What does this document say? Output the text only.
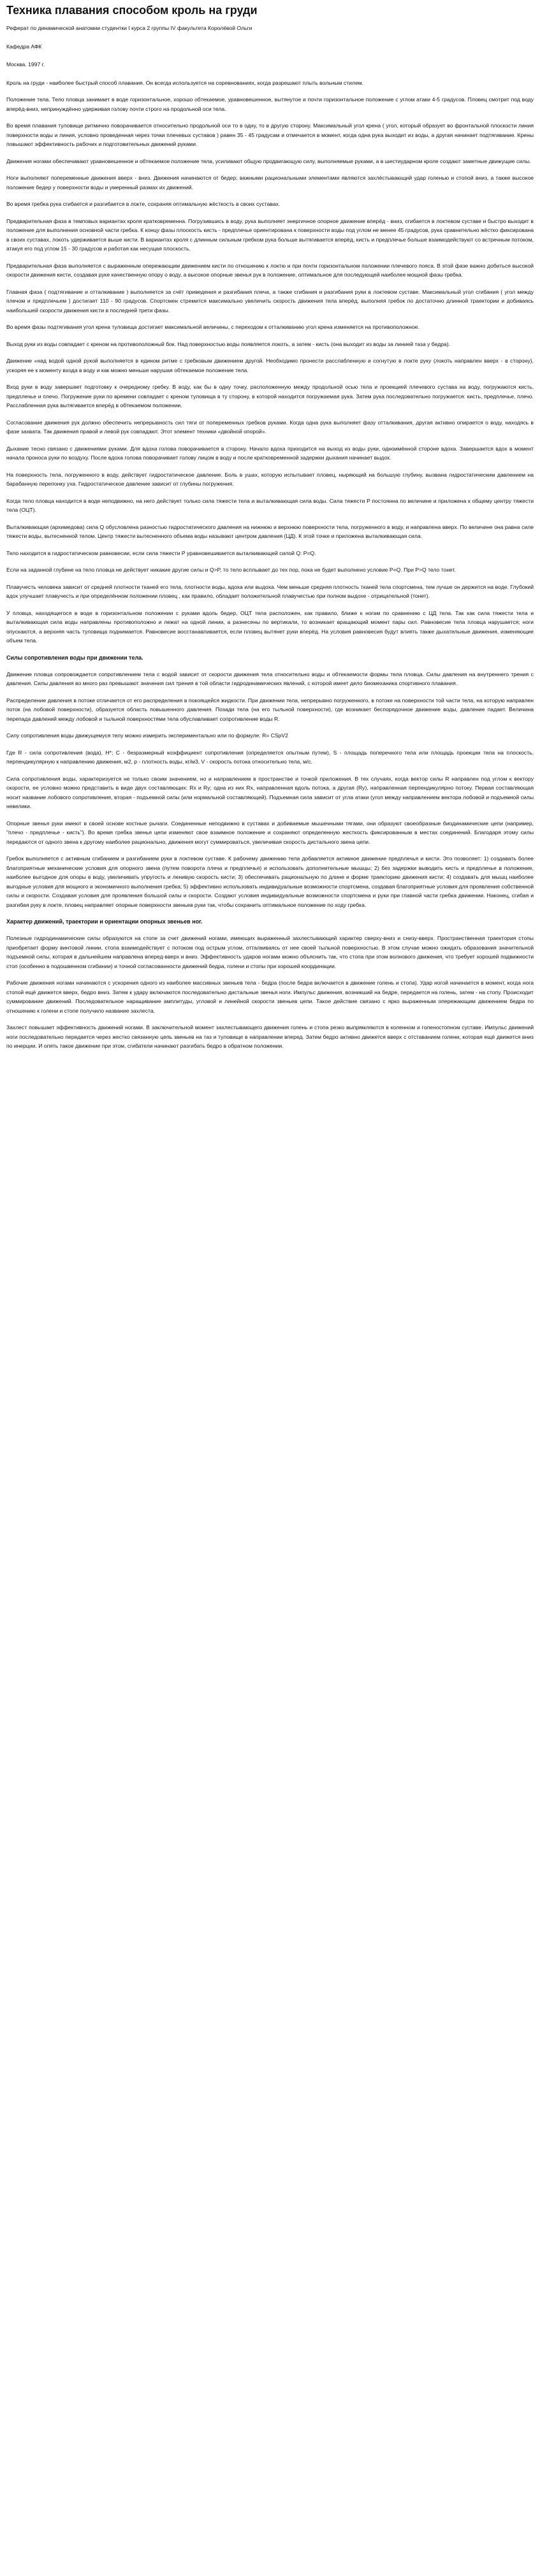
Техника плавания способом кроль на груди

Реферат по динамической анатомии студентки I курса 2 группы IV факультета Королёвой Ольги

Кафедра АФК

Москва. 1997 г.

Кроль на груди - наиболее быстрый способ плавания. Он всегда используется на соревнованиях, когда разрешают плыть вольным стилем.

Положение тела. Тело пловца занимает в воде горизонтальное, хорошо обтекаемое, уравновешенное, вытянутое и почти горизонтальное положение с углом атаки 4-5 градусов. Пловец смотрит под воду вперёд-вниз, непринуждённо удерживая голову почти строго на продольной оси тела.

Во время плавания туловище ритмично поворачивается относительно продольной оси то в одну, то в другую сторону. Максимальный угол крена ( угол, который образует во фронтальной плоскости линия поверхности воды и линия, условно проведенная через точки плечевых суставов ) равен 35 - 45 градусам и отмечается в момент, когда одна рука выходит из воды, а другая начинает подтягивание. Крены повышают эффективность рабочих и подготовительных движений руками.

Движения ногами обеспечивают уравновешенное и обтекаемое положение тела, усиливают общую продвигающую силу, выполняемые руками, а в шестиударном кроле создают заметные движущие силы.

Ноги выполняют попеременные движения вверх - вниз. Движения начинаются от бедер; важными рациональными элементами являются захлёстывающий удар голенью и стопой вниз, а также высокое положение бедер у поверхности воды и умеренный размах их движений.

Во время гребка рука сгибается и разгибается в локте, сохраняя оптимальную жёсткость в своих суставах.

Предварительная фаза в темповых вариантах кроля кратковременна. Погрузившись в воду, рука выполняет энергичное опорное движение вперёд - вниз, сгибается в локтевом суставе и быстро выходит в положение для выполнения основной части гребка. К концу фазы плоскость кисть - предплечье ориентирована к поверхности воды под углом не менее 45 градусов, рука сравнительно жёстко фиксирована в своих суставах, локоть удерживается выше кисти. В вариантах кроля с длинным сильным гребком рука больше вытягивается вперёд, кисть и предплечье больше взаимодействуют со встречным потоком, атакуя его под углом 15 - 30 градусов и работая как несущая плоскость.

Предварительная фаза выполняется с выраженным опережающим движением кисти по отношению к локтю и при почти горизонтальном положении плечевого пояса. В этой фазе важно добиться высокой скорости движения кисти, создавая руке качественную опору о воду, а высокое опорные звенья рук в положение, оптимальное для последующей наиболее мощной фазы гребка.

Главная фаза ( подтягивание и отталкивание ) выполняется за счёт приведения и разгибания плеча, а также сгибания и разгибания руки в локтевом суставе. Максимальный угол сгибания ( угол между плечом и предплечьем ) достигает 110 - 90 градусов. Спортсмен стремится максимально увеличить скорость движения тела вперёд, выполняя гребок по достаточно длинной траектории и добиваясь наибольшей скорости движения кисти в последней трети фазы.

Во время фазы подтягивания угол крена туловища достигает максимальной величины, с переходом к отталкиванию угол крена изменяется на противоположное.

Выход руки из воды совпадает с креном на противоположный бок. Над поверхностью воды появляется локоть, а затем - кисть (она выходит из воды за линией таза у бедра).

Движение «над водой одной рукой выполняется в едином ритме с гребковым движением другой. Необходимо пронести расслабленную и согнутую в локте руку (локоть направлен вверх - в сторону), ускоряя ее к моменту входа в воду и как можно меньше нарушая обтекаемое положение тела.

Вход руки в воду завершает подготовку к очередному гребку. В воду, как бы в одну точку, расположенную между продольной осью тела и проекцией плечевого сустава на воду, погружаются кисть, предплечье и плечо. Погружение руки по времени совпадает с креном туловища в ту сторону, в которой находится погружаемая рука. Затем рука последовательно погружается: кисть, предплечье, плечо. Расслабленная рука вытягивается вперёд в обтекаемом положении.

Согласование движения рук должно обеспечить непрерывность сил тяги от попеременных гребков руками. Когда одна рука выполняет фазу отталкивания, другая активно опирается о воду, находясь в фазе захвата. Так движения правой и левой рук совпадают. Этот элемент техники «двойной опорой».

Дыхание тесно связано с движениями руками. Для вдоха голова поворачивается в сторону. Начало вдоха приходится на выход из воды руки, одноимённой стороне вдоха. Завершается вдох в момент начала проноса руки по воздуху. После вдоха голова поворачивает голову лицом в воду и после кратковременной задержки дыхания начинает выдох.

На поверхность тела, погруженного в воду, действует гидростатическое давление. Боль в ушах, которую испытывает пловец, ныряющий на большую глубину, вызвана гидростатическим давлением на барабанную перепонку уха. Гидростатическое давление зависит от глубины погружения.

Когда тело пловца находится в воде неподвижно, на него действует только сила тяжести тела и выталкивающая сила воды. Сила тяжести P постоянна по величине и приложена к общему центру тяжести тела (ОЦТ).

Выталкивающая (архимедова) сила Q обусловлена разностью гидростатического давления на нижнюю и верхнюю поверхности тела, погруженного в воду, и направлена вверх. По величине она равна силе тяжести воды, вытесненной телом. Центр тяжести вытесненного объема воды называют центром давления (ЦД). К этой точке и приложена выталкивающая сила.

Тело находится в гидростатическом равновесии, если сила тяжести P уравновешивается выталкивающей силой Q: P=Q.

Если на заданной глубине на тело пловца не действует никакие другие силы и Q>P, то тело всплывает до тех пор, пока не будет выполнено условие P=Q. При P>Q тело тонет.

Плавучесть человека зависит от средней плотности тканей его тела, плотности воды, вдоха или выдоха. Чем меньше средняя плотность тканей тела спортсмена, тем лучше он держится на воде. Глубокий вдох улучшает плавучесть и при определённом положении пловец , как правило, обладает положительной плавучестью при полном выдохе - отрицательной (тонет).

У пловца, находящегося в воде в горизонтальном положении с руками вдоль бедер, ОЦТ тела расположен, как правило, ближе к ногам по сравнению с ЦД тела. Так как сила тяжести тела и выталкивающая сила воды направлены противоположно и лежат на одной линии, а разнесены по вертикали, то возникает вращающий момент пары сил. Равновесие тела пловца нарушается; ноги опускаются, а верхняя часть туловища поднимается. Равновесие восстанавливается, если пловец вытянет руки вперёд. На условия равновесия будут влиять также дыхательные движения, изменяющие объем тела.

Силы сопротивления воды при движении тела.

Движение пловца сопровождается сопротивлением тела с водой зависит от скорости движения тела относительно воды и обтекаемости формы тела пловца. Силы давления на внутреннего трения с давления. Силы давления во много раз превышают значения сил трения в той области гидродинамических явлений, с которой имеет дело биомеханика спортивного плавания.

Распределение давления в потоке отличается от его распределения в покоящейся жидкости. При движении тела, непрерывно погруженного, в потоке на поверхности той части тела, на которую направлен поток (на лобовой поверхности), образуется область повышенного давления. Позади тела (на его тыльной поверхности), где возникает беспорядочное движение воды, давление падает. Величина перепада давлений между лобовой и тыльной поверхностями тела обуславливает сопротивление воды R.

Силу сопротивления воды движущемуся телу можно измерить экспериментально или по формуле: R= CSpV2

Где R - сила сопротивления (вода), Н*; C - безразмерный коэффициент сопротивления (определяется опытным путем), S - площадь поперечного тела или площадь проекции тела на плоскость, перпендикулярную к направлению движения, м2, p - плотность воды, кг/м3, V - скорость потока относительно тела, м/с.

Сила сопротивления воды, характеризуется не только своим значением, но и направлением в пространстве и точкой приложения. В тех случаях, когда вектор силы R направлен под углом к вектору скорости, ее условно можно представить в виде двух составляющих: Rx и Ry; одна из них Rx, направленная вдоль потока, а другая (Ry), направленная перпендикулярно потоку. Первая составляющая носит название лобового сопротивления, вторая - подъемной силы (или нормальной составляющей). Подъемная сила зависит от угла атаки (угол между направлением вектора лобовой и подъемной силы невелики.

Опорные звенья руки имеют в своей основе костные рычаги. Соединенные неподвижно в суставах и добиваемые мышечными тягами, они образуют своеобразные биодинамические цепи (например, "плечо - предплечье - кисть"). Во время гребка звенья цепи изменяют свое взаимное положение и сохраняют определенную жесткость фиксированным в местах соединений. Благодаря этому силы передаются от одного звена к другому наиболее рационально, движения могут суммироваться, увеличивая скорость дистального звена цепи.

Гребок выполняется с активным сгибанием и разгибанием руки в локтевом суставе. К рабочему движению тела добавляется активное движение предплечья и кисти. Это позволяет: 1) создавать более благоприятные механические условия для опорного звена (путем поворота плеча и предплечья) и использовать дополнительные мышцы; 2) без задержки выводить кисть и предплечье в положение, наиболее выгодное для опоры в воду, увеличивать упругость и ленивую скорость кисти; 3) обеспечивать рациональную по длине и форме траекторию движения кисти; 4) создавать для мышц наиболее выгодные условия для мощного и экономичного выполнения гребка; 5) эффективно использовать индивидуальные возможности спортсмена, создавая благоприятные условия для проявления собственной силы и скорости. Создавая условия для проявления большой силы и скорости. Создают условия индивидуальные возможности спортсмена и руки при главной части гребка движении. Наконец, сгибая и разгибая руку в локте, пловец направляет опорные поверхности звеньев руки так, чтобы сохранить оптимальное положение по ходу гребка.

Характер движений, траектории и ориентации опорных звеньев ног.

Полезные гидродинамические силы образуются на стопе за счет движений ногами, имеющих выраженный захлестывающий характер сверху-вниз и снизу-вверх. Пространственная траектория стопы приобретает форму винтовой линии, стопа взаимодействует с потоком под острым углом, отталкиваясь от нее своей тыльной поверхностью. В этом случае можно ожидать образования значительной подъемной силы, которая в дальнейшем направлена вперед-вверх и вниз. Эффективность ударов ногами можно объяснить так, что стопа при этом волнового движения, что требует хорошей подвижности стоп (особенно в подошвенном сгибании) и точной согласованности движений бедра, голени и стопы при хорошей координации.

Рабочие движения ногами начинаются с ускорения одного из наиболее массивных звеньев тела - бедра (после бедра включается в движение голень и стопа). Удар ногой начинается в момент, когда нога стопой ещё движется вверх, бедро вниз. Затем к удару включаются последовательно дистальные звенья ноги. Импульс движения, возникший на бедре, передается на голень, затем - на стопу. Происходит суммирование движений. Последовательное наращивание амплитуды, угловой и линейной скорости звеньев цепи. Такое действие связано с ярко выраженным опережающим движением бедра по отношению к голени и стопе получило название захлеста.

Захлест повышает эффективность движений ногами. В заключительной момент захлестывающего движения голень и стопа резко выпрямляются в коленном и голеностопном суставе. Импульс движений ноги последовательно передается через жестко связанную цепь звеньев на таз и туловище в направлении вперед. Затем бедро активно движется вверх с отставанием голени, которая ещё движется вниз по инерции. И опять такое движение при этом, сгибатели начинают разгибать бедро в обратном положении.
